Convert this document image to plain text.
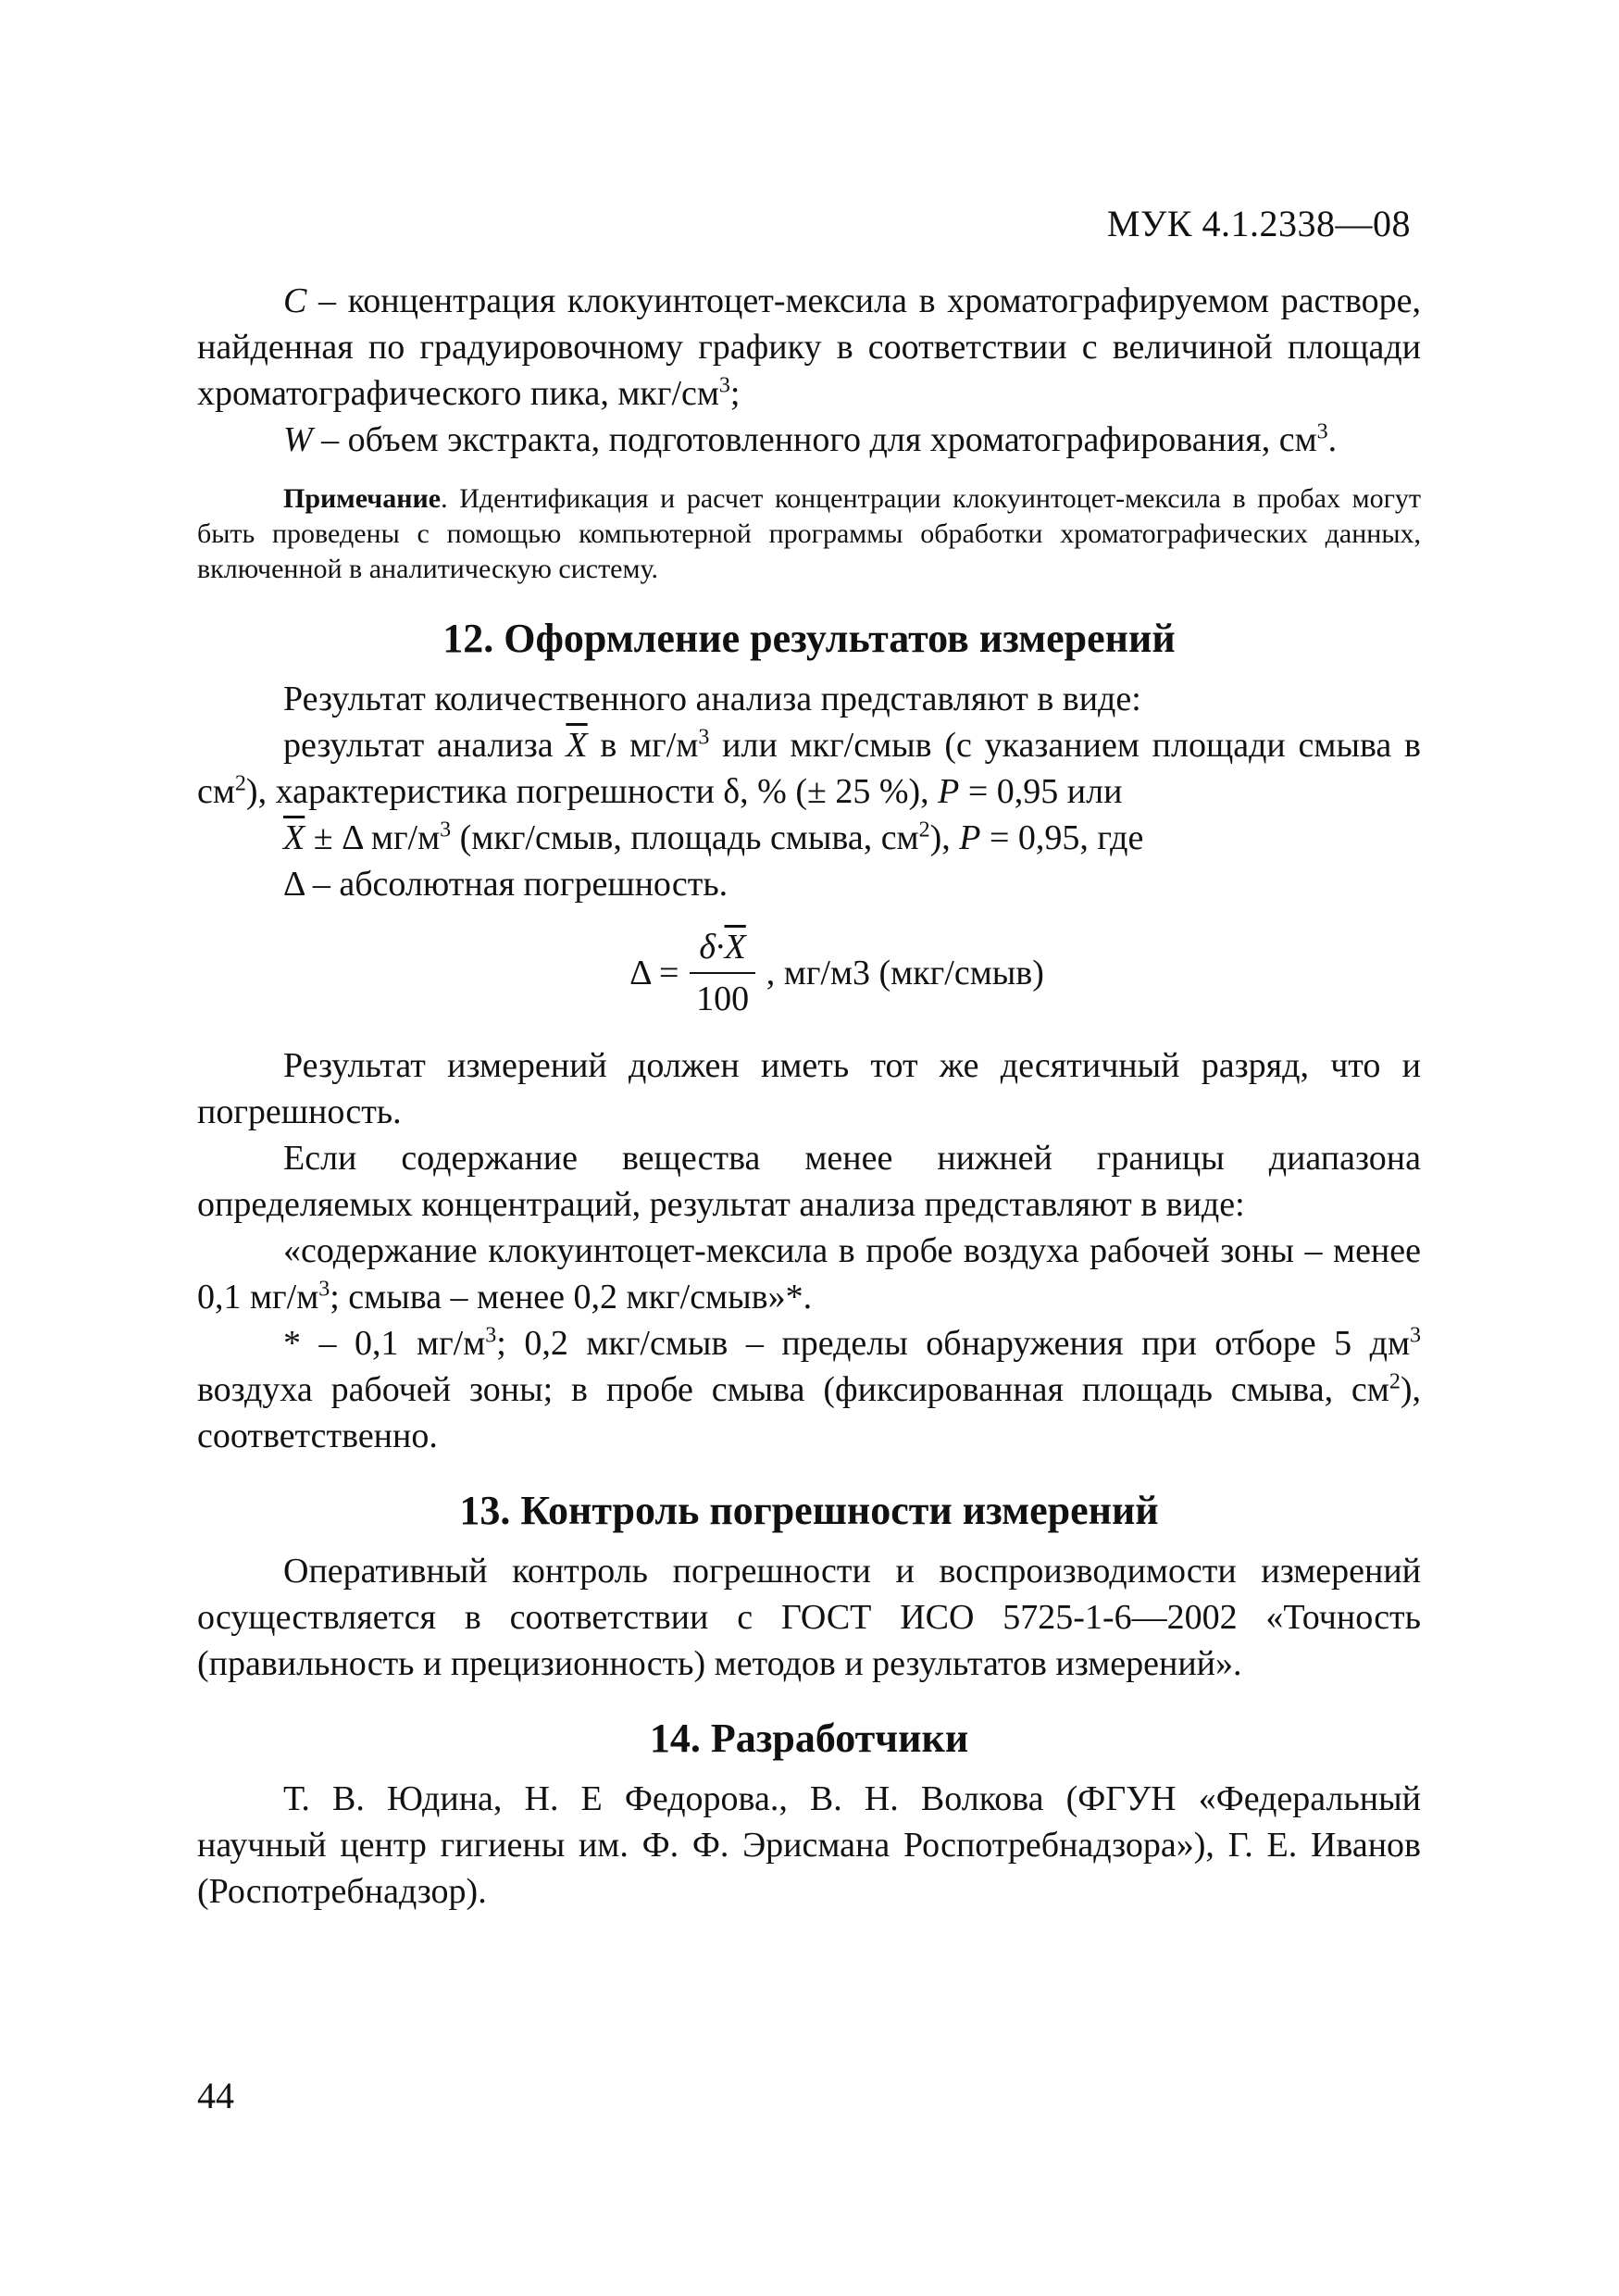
МУК 4.1.2338—08

C – концентрация клокуинтоцет-мексила в хроматографируемом растворе, найденная по градуировочному графику в соответствии с величиной площади хроматографического пика, мкг/$см^3$;

W – объем экстракта, подготовленного для хроматографирования, $см^3$.

Примечание. Идентификация и расчет концентрации клокуинтоцет-мексила в пробах могут быть проведены с помощью компьютерной программы обработки хроматографических данных, включенной в аналитическую систему.

12. Оформление результатов измерений

Результат количественного анализа представляют в виде:

результат анализа $\overline{X}$ в $мг/м^3$ или мкг/смыв (с указанием площади смыва в $см^2$), характеристика погрешности δ, % (± 25 %), P = 0,95 или

$\overline{X} \pm \Delta$ $мг/м^3$ (мкг/смыв, площадь смыва, $см^2$), P = 0,95, где

Δ – абсолютная погрешность.

$\Delta = \frac{\delta\cdot\overline{X}}{100}$ , мг/м3 (мкг/смыв)

Результат измерений должен иметь тот же десятичный разряд, что и погрешность.

Если содержание вещества менее нижней границы диапазона определяемых концентраций, результат анализа представляют в виде:

«содержание клокуинтоцет-мексила в пробе воздуха рабочей зоны – менее 0,1 $мг/м^3$; смыва – менее 0,2 мкг/смыв»*.

* – 0,1 $мг/м^3$; 0,2 мкг/смыв – пределы обнаружения при отборе 5 $дм^3$ воздуха рабочей зоны; в пробе смыва (фиксированная площадь смыва, $см^2$), соответственно.

13. Контроль погрешности измерений

Оперативный контроль погрешности и воспроизводимости измерений осуществляется в соответствии с ГОСТ ИСО 5725-1-6—2002 «Точность (правильность и прецизионность) методов и результатов измерений».

14. Разработчики

Т. В. Юдина, Н. Е Федорова., В. Н. Волкова (ФГУН «Федеральный научный центр гигиены им. Ф. Ф. Эрисмана Роспотребнадзора»), Г. Е. Иванов (Роспотребнадзор).

44
